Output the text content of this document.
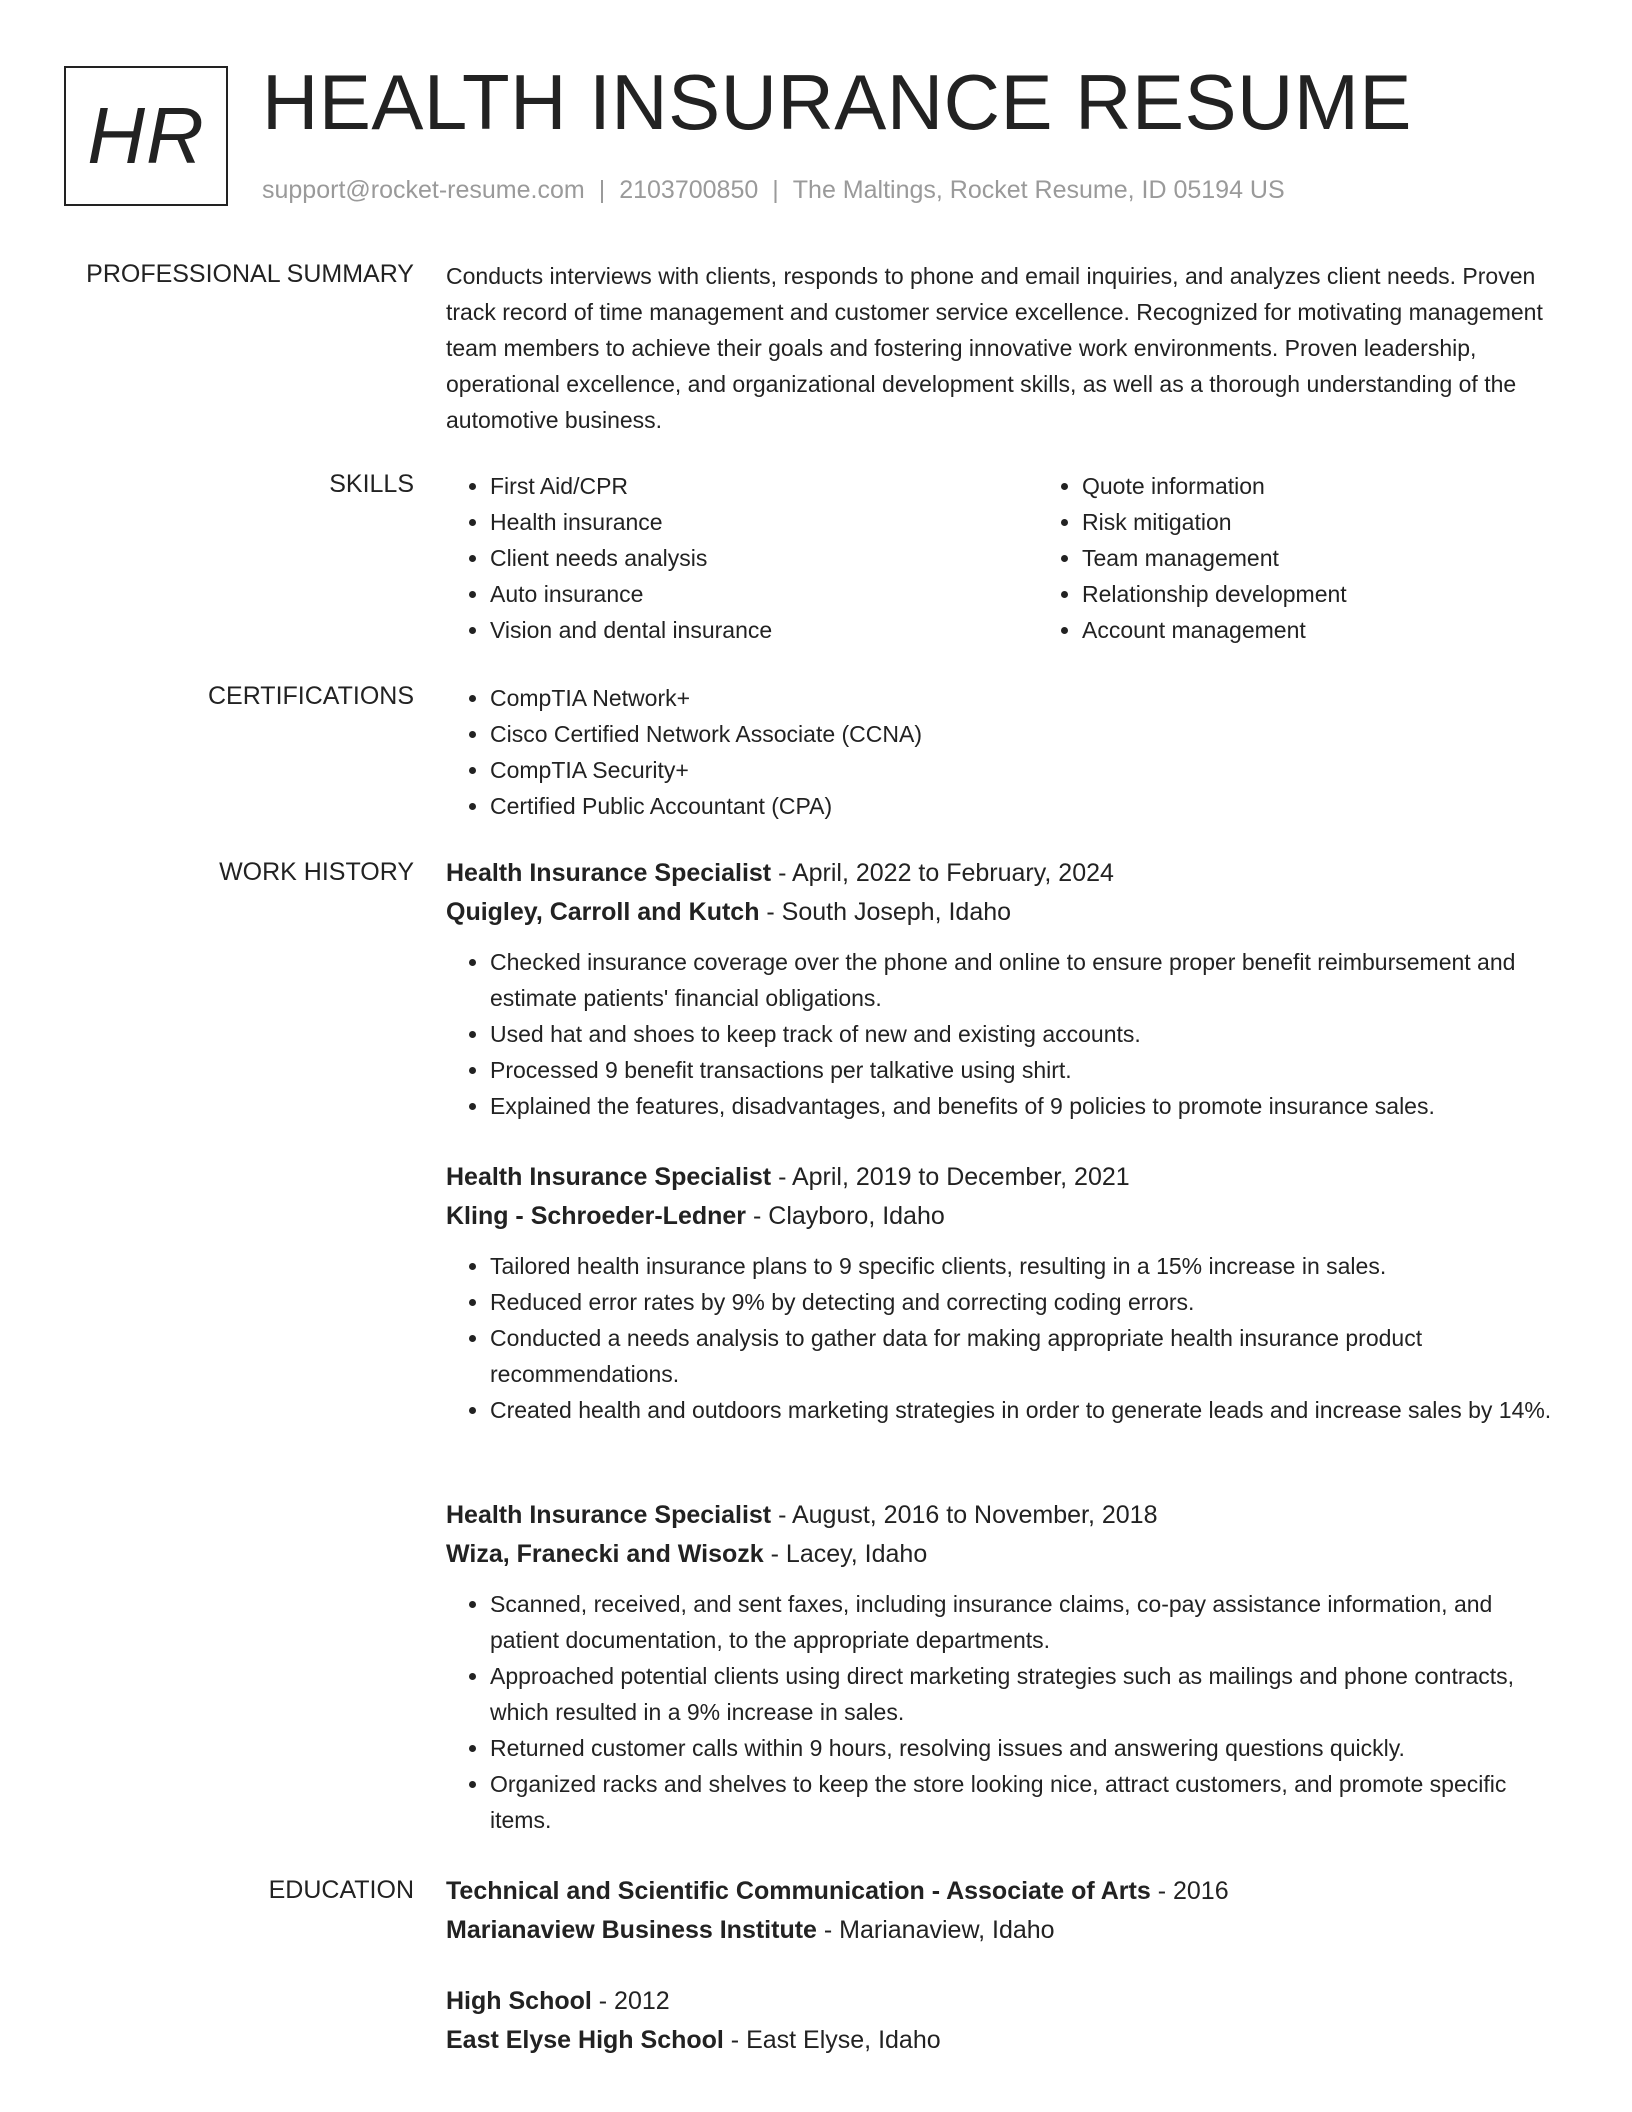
HR HEALTH INSURANCE RESUME
support@rocket-resume.com | 2103700850 | The Maltings, Rocket Resume, ID 05194 US
PROFESSIONAL SUMMARY Conducts interviews with clients, responds to phone and email inquiries, and analyzes client needs. Proven track record of time management and customer service excellence. Recognized for motivating management team members to achieve their goals and fostering innovative work environments. Proven leadership, operational excellence, and organizational development skills, as well as a thorough understanding of the automotive business.

SKILLS	• First Aid/CPR
• Health insurance
• Client needs analysis
• Auto insurance
• Vision and dental insurance
• Quote information
• Risk mitigation
• Team management
• Relationship development
• Account management
CERTIFICATIONS	• CompTIA Network+
• Cisco Certified Network Associate (CCNA)
• CompTIA Security+
• Certified Public Accountant (CPA)
WORK HISTORY Health Insurance Specialist - April, 2022 to February, 2024
Quigley, Carroll and Kutch - South Joseph, Idaho
• Checked insurance coverage over the phone and online to ensure proper benefit reimbursement and estimate patients' financial obligations.
• Used hat and shoes to keep track of new and existing accounts.
• Processed 9 benefit transactions per talkative using shirt.
• Explained the features, disadvantages, and benefits of 9 policies to promote insurance sales.
Health Insurance Specialist - April, 2019 to December, 2021
Kling - Schroeder-Ledner - Clayboro, Idaho
• Tailored health insurance plans to 9 specific clients, resulting in a 15% increase in sales.
• Reduced error rates by 9% by detecting and correcting coding errors.
• Conducted a needs analysis to gather data for making appropriate health insurance product recommendations.
• Created health and outdoors marketing strategies in order to generate leads and increase sales by 14%.
Health Insurance Specialist - August, 2016 to November, 2018
Wiza, Franecki and Wisozk - Lacey, Idaho
• Scanned, received, and sent faxes, including insurance claims, co-pay assistance information, and patient documentation, to the appropriate departments.
• Approached potential clients using direct marketing strategies such as mailings and phone contracts, which resulted in a 9% increase in sales.
• Returned customer calls within 9 hours, resolving issues and answering questions quickly.
• Organized racks and shelves to keep the store looking nice, attract customers, and promote specific items.
EDUCATION Technical and Scientific Communication - Associate of Arts - 2016
Marianaview Business Institute - Marianaview, Idaho
High School - 2012
East Elyse High School - East Elyse, Idaho
